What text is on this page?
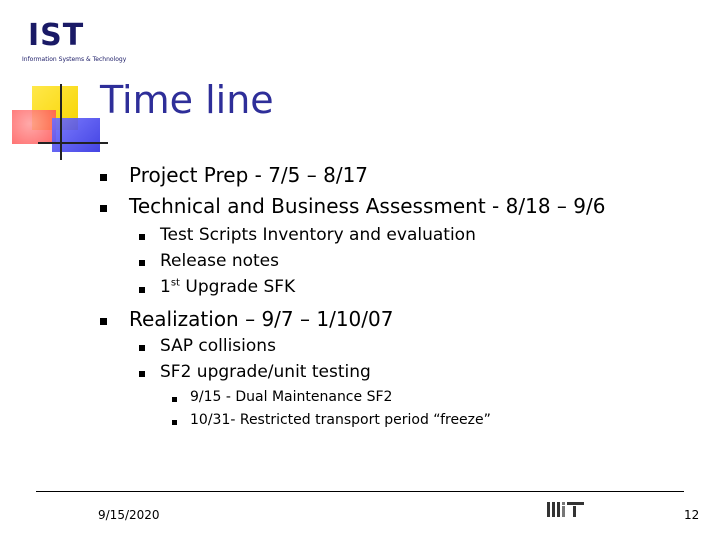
IST
Information Systems & Technology
Time line
Project Prep - 7/5 – 8/17
Technical and Business Assessment - 8/18 – 9/6
Test Scripts Inventory and evaluation
Release notes
1st Upgrade SFK
Realization – 9/7 – 1/10/07
SAP collisions
SF2 upgrade/unit testing
9/15 - Dual Maintenance SF2
10/31- Restricted transport period “freeze”
9/15/2020	12
